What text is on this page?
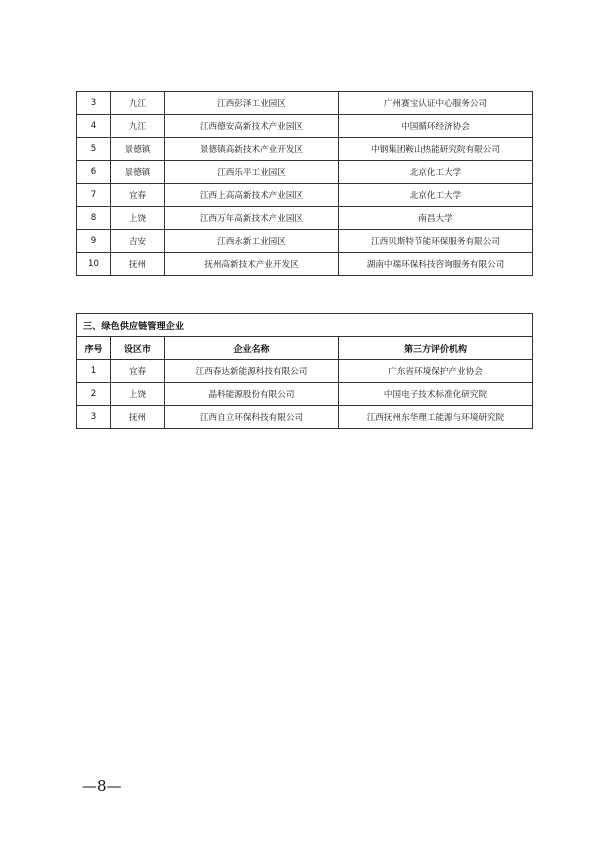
3	九江	江西彭泽工业园区	广州赛宝认证中心服务公司
4	九江	江西德安高新技术产业园区	中国循环经济协会
5	景德镇	景德镇高新技术产业开发区	中钢集团鞍山热能研究院有限公司
6	景德镇	江西乐平工业园区	北京化工大学
7	宜春	江西上高高新技术产业园区	北京化工大学
8	上饶	江西万年高新技术产业园区	南昌大学
9	吉安	江西永新工业园区	江西贝斯特节能环保服务有限公司
10	抚州	抚州高新技术产业开发区	湖南中瑞环保科技咨询服务有限公司
三、绿色供应链管理企业			
序号	设区市	企业名称	第三方评价机构
1	宜春	江西春达新能源科技有限公司	广东省环境保护产业协会
2	上饶	晶科能源股份有限公司	中国电子技术标准化研究院
3	抚州	江西自立环保科技有限公司	江西抚州东华理工能源与环境研究院
—8—
